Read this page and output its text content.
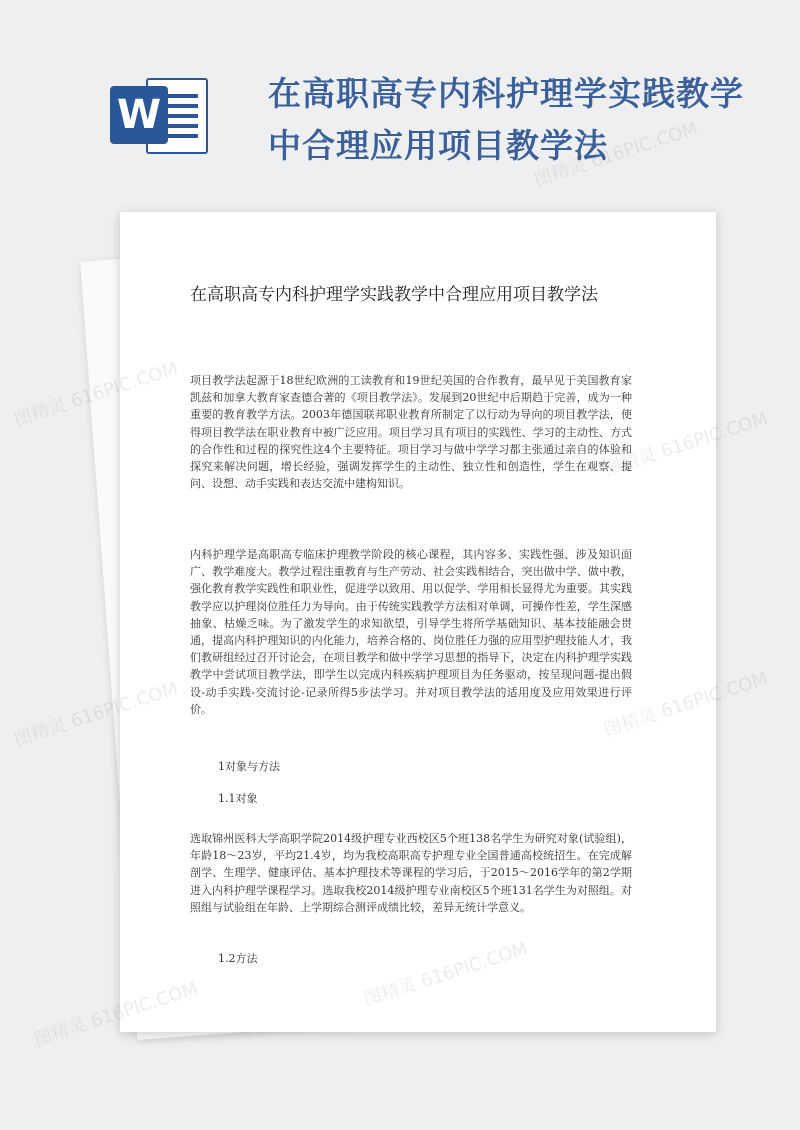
W	在高职高专内科护理学实践教学中合理应用项目教学法
在高职高专内科护理学实践教学中合理应用项目教学法

项目教学法起源于18世纪欧洲的工读教育和19世纪美国的合作教育，最早见于美国教育家凯兹和加拿大教育家查德合著的《项目教学法》。发展到20世纪中后期趋于完善，成为一种重要的教育教学方法。2003年德国联邦职业教育所制定了以行动为导向的项目教学法，使得项目教学法在职业教育中被广泛应用。项目学习具有项目的实践性、学习的主动性、方式的合作性和过程的探究性这4个主要特征。项目学习与做中学学习都主张通过亲自的体验和探究来解决问题，增长经验，强调发挥学生的主动性、独立性和创造性，学生在观察、提问、设想、动手实践和表达交流中建构知识。

内科护理学是高职高专临床护理教学阶段的核心课程，其内容多、实践性强、涉及知识面广、教学难度大。教学过程注重教育与生产劳动、社会实践相结合，突出做中学、做中教，强化教育教学实践性和职业性，促进学以致用、用以促学、学用相长显得尤为重要。其实践教学应以护理岗位胜任力为导向。由于传统实践教学方法相对单调，可操作性差，学生深感抽象、枯燥乏味。为了激发学生的求知欲望，引导学生将所学基础知识、基本技能融会贯通，提高内科护理知识的内化能力，培养合格的、岗位胜任力强的应用型护理技能人才，我们教研组经过召开讨论会，在项目教学和做中学学习思想的指导下，决定在内科护理学实践教学中尝试项目教学法，即学生以完成内科疾病护理项目为任务驱动，按呈现问题-提出假设-动手实践-交流讨论-记录所得5步法学习。并对项目教学法的适用度及应用效果进行评价。

1对象与方法
1.1对象

选取锦州医科大学高职学院2014级护理专业西校区5个班138名学生为研究对象(试验组)，年龄18～23岁，平均21.4岁，均为我校高职高专护理专业全国普通高校统招生。在完成解剖学、生理学、健康评估、基本护理技术等课程的学习后，于2015～2016学年的第2学期进入内科护理学课程学习。选取我校2014级护理专业南校区5个班131名学生为对照组。对照组与试验组在年龄、上学期综合测评成绩比较，差异无统计学意义。

1.2方法
图精灵 616PIC.COM
图精灵
图精灵 616PIC.COM
图精灵 616PIC.COM
